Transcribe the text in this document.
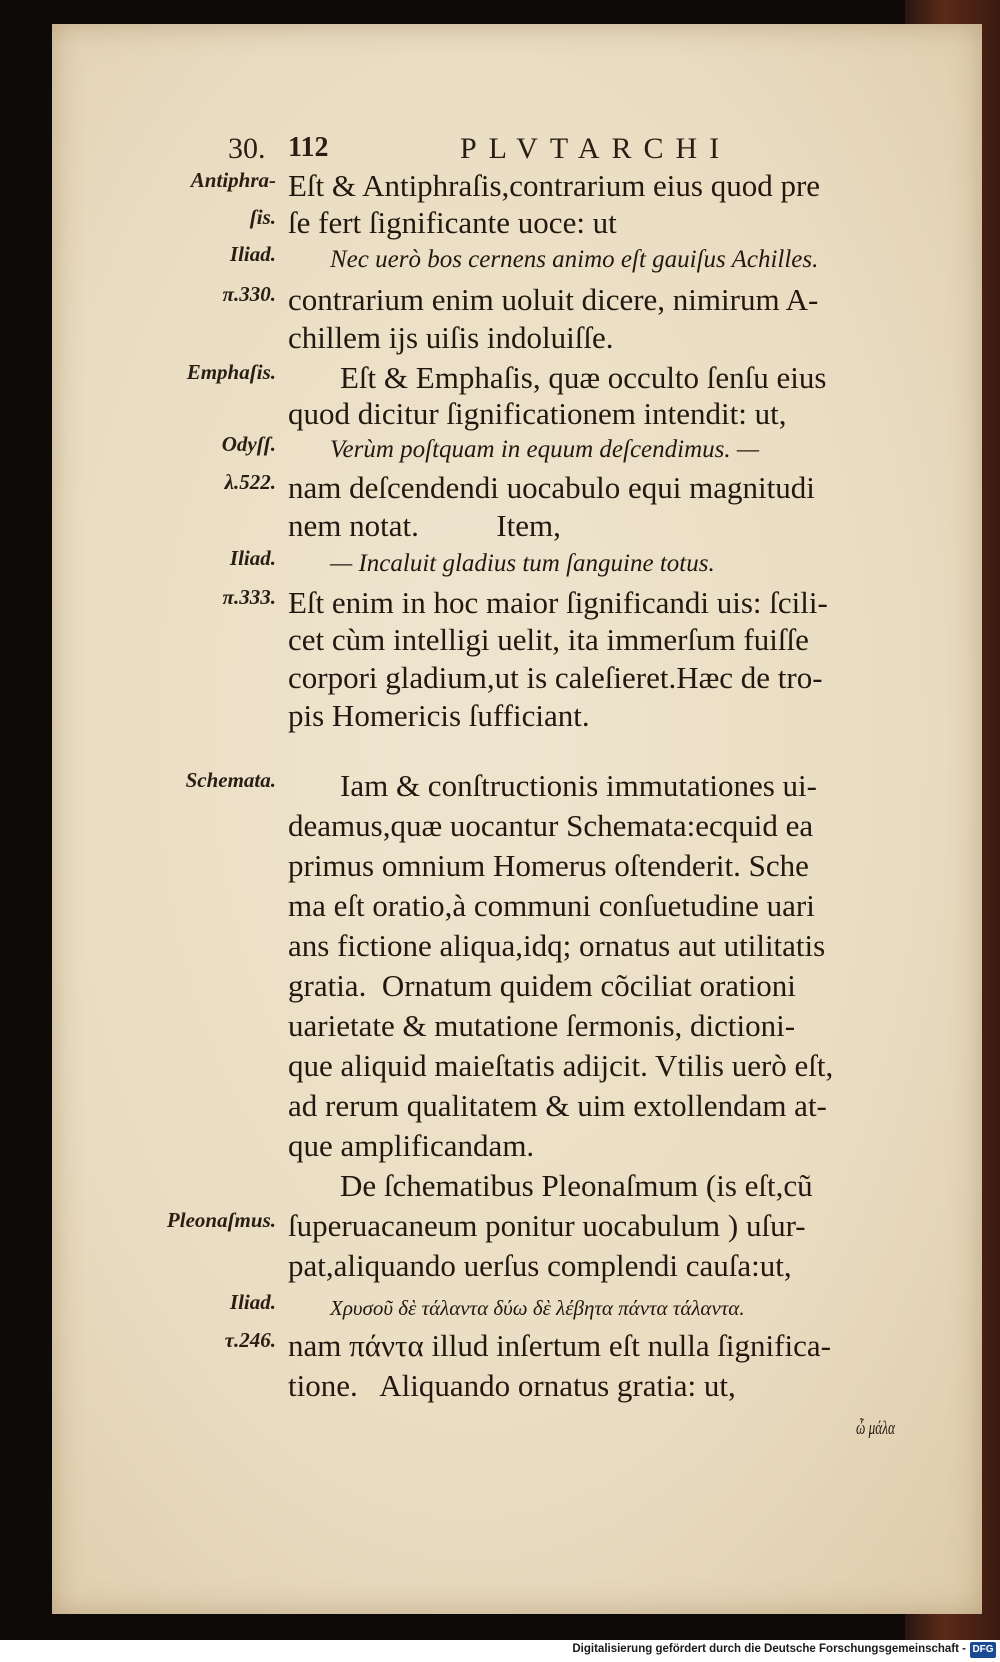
30. 112	PLVTARCHI
Antiphra- Eſt & Antiphraſis,contrarium eius quod pre
ſis. ſe fert ſignificante uoce: ut
Iliad. Nec uerò bos cernens animo eſt gauiſus Achilles.
π.330. contrarium enim uoluit dicere, nimirum A-
chillem ijs uiſis indoluiſſe.
Emphaſis. Eſt & Emphaſis, quæ occulto ſenſu eius
quod dicitur ſignificationem intendit: ut,
Odyſſ. Verùm poſtquam in equum deſcendimus. —
λ.522. nam deſcendendi uocabulo equi magnitudi
nem notat.          Item,
Iliad. — Incaluit gladius tum ſanguine totus.
π.333. Eſt enim in hoc maior ſignificandi uis: ſcili-
cet cùm intelligi uelit, ita immerſum fuiſſe
corpori gladium,ut is caleſieret.Hæc de tro-
pis Homericis ſufficiant.
Schemata. Iam & conſtructionis immutationes ui-
deamus,quæ uocantur Schemata:ecquid ea
primus omnium Homerus oſtenderit. Sche
ma eſt oratio,à communi conſuetudine uari
ans fictione aliqua,idq; ornatus aut utilitatis
gratia.  Ornatum quidem cõciliat orationi
uarietate & mutatione ſermonis, dictioni-
que aliquid maieſtatis adijcit. Vtilis uerò eſt,
ad rerum qualitatem & uim extollendam at-
que amplificandam.
De ſchematibus Pleonaſmum (is eſt,cũ
Pleonaſmus. ſuperuacaneum ponitur uocabulum ) uſur-
pat,aliquando uerſus complendi cauſa:ut,
Iliad.	Χρυσοῦ δὲ τάλαντα δύω δὲ λέβητα πάντα τάλαντα.
τ.246. nam πάντα illud inſertum eſt nulla ſignifica-
tione.   Aliquando ornatus gratia: ut,
ὦ μάλα
Digitalisierung gefördert durch die Deutsche Forschungsgemeinschaft - DFG
